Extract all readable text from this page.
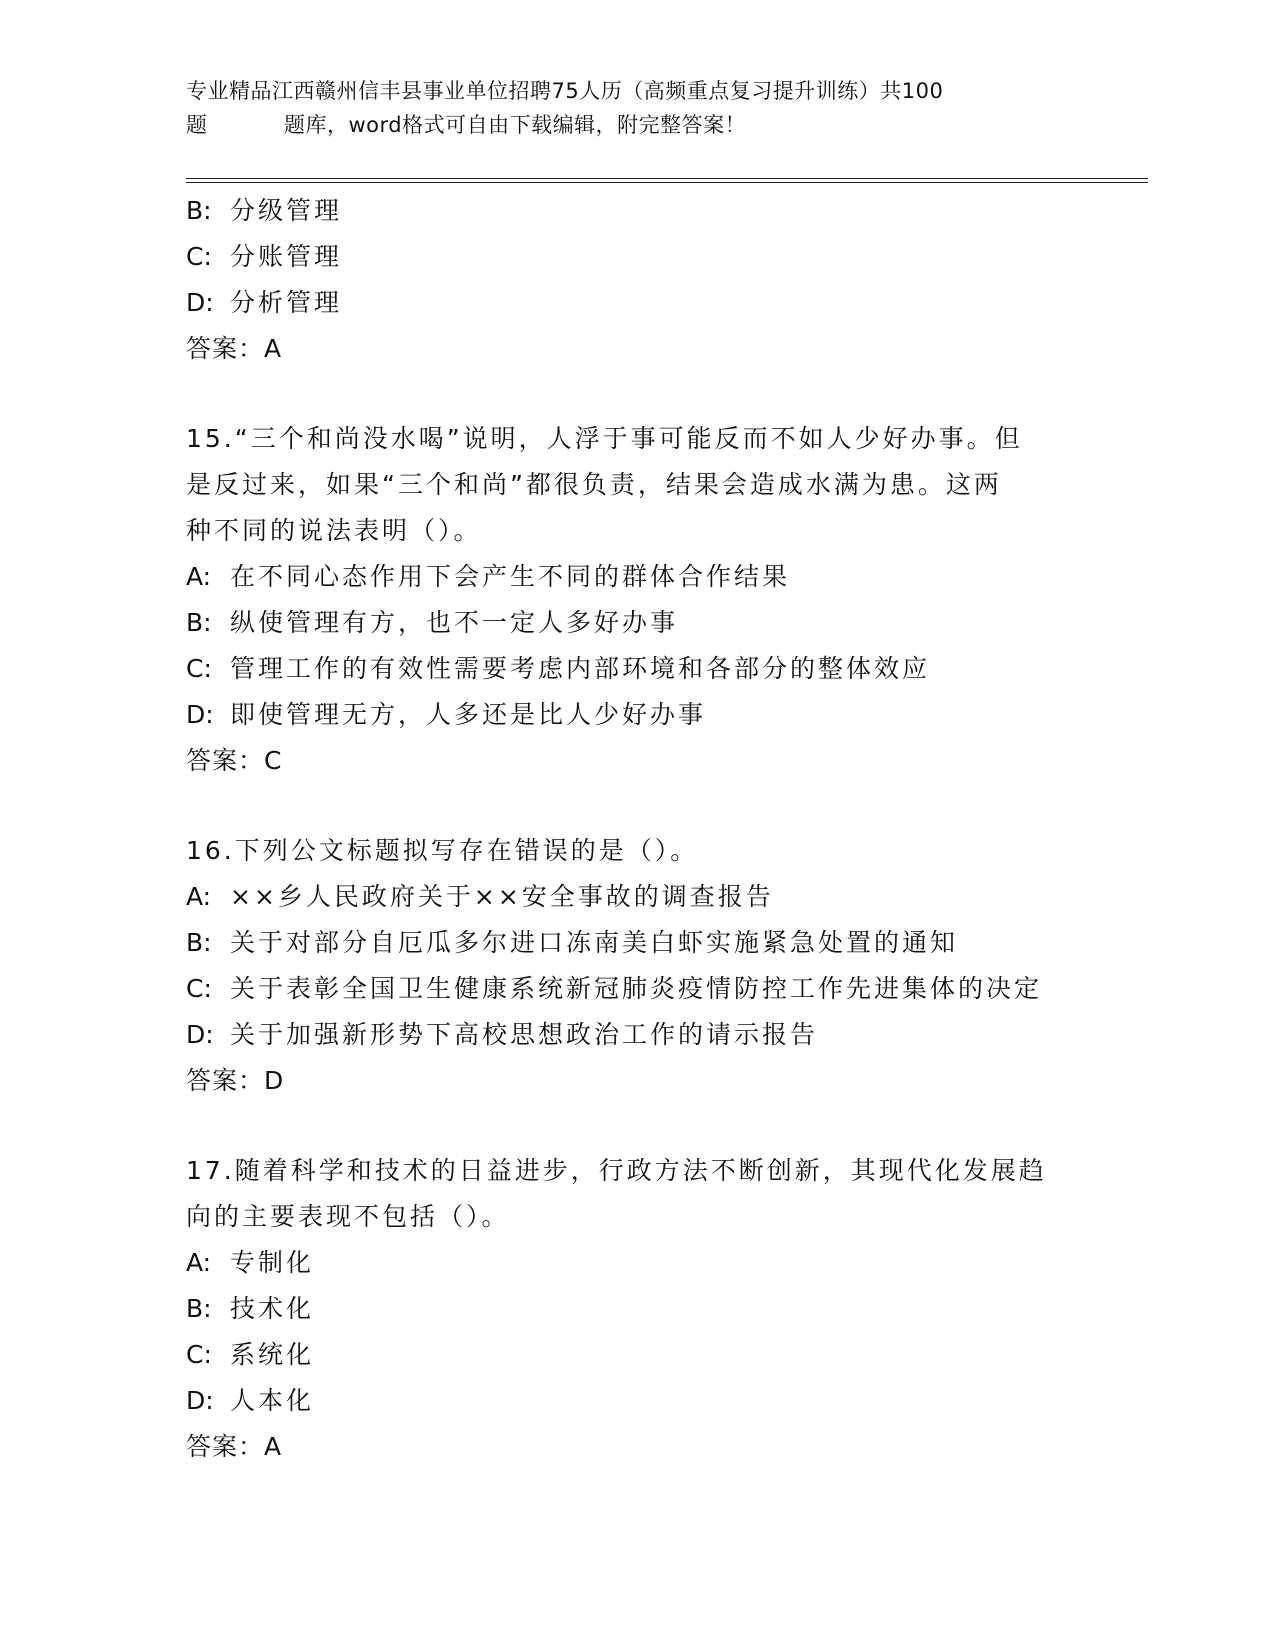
专业精品江西赣州信丰县事业单位招聘75人历（高频重点复习提升训练）共100
题	题库，word格式可自由下载编辑，附完整答案！
B: 分级管理
C: 分账管理
D: 分析管理
答案：A
15.“三个和尚没水喝”说明，人浮于事可能反而不如人少好办事。但
是反过来，如果“三个和尚”都很负责，结果会造成水满为患。这两
种不同的说法表明（）。
A: 在不同心态作用下会产生不同的群体合作结果
B: 纵使管理有方，也不一定人多好办事
C: 管理工作的有效性需要考虑内部环境和各部分的整体效应
D: 即使管理无方，人多还是比人少好办事
答案：C
16.下列公文标题拟写存在错误的是（）。
A: ××乡人民政府关于××安全事故的调查报告
B: 关于对部分自厄瓜多尔进口冻南美白虾实施紧急处置的通知
C: 关于表彰全国卫生健康系统新冠肺炎疫情防控工作先进集体的决定
D: 关于加强新形势下高校思想政治工作的请示报告
答案：D
17.随着科学和技术的日益进步，行政方法不断创新，其现代化发展趋
向的主要表现不包括（）。
A: 专制化
B: 技术化
C: 系统化
D: 人本化
答案：A
